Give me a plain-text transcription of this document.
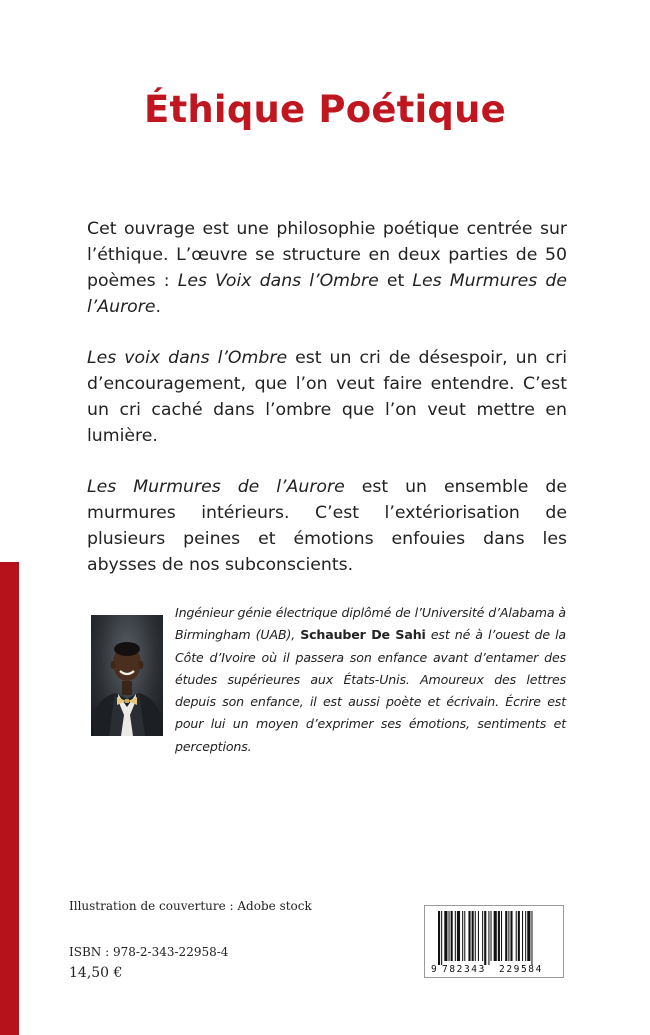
Éthique Poétique

Cet ouvrage est une philosophie poétique centrée sur l’éthique. L’œuvre se structure en deux parties de 50 poèmes : Les Voix dans l’Ombre et Les Murmures de l’Aurore.

Les voix dans l’Ombre est un cri de désespoir, un cri d’encouragement, que l’on veut faire entendre. C’est un cri caché dans l’ombre que l’on veut mettre en lumière.

Les Murmures de l’Aurore est un ensemble de murmures intérieurs. C’est l’extériorisation de plusieurs peines et émotions enfouies dans les abysses de nos subconscients.

Ingénieur génie électrique diplômé de l’Université d’Alabama à Birmingham (UAB), Schauber De Sahi est né à l’ouest de la Côte d’Ivoire où il passera son enfance avant d’entamer des études supérieures aux États-Unis. Amoureux des lettres depuis son enfance, il est aussi poète et écrivain. Écrire est pour lui un moyen d’exprimer ses émotions, sentiments et perceptions.
Illustration de couverture : Adobe stock
ISBN : 978-2-343-22958-4
14,50 €	9 782343 229584
